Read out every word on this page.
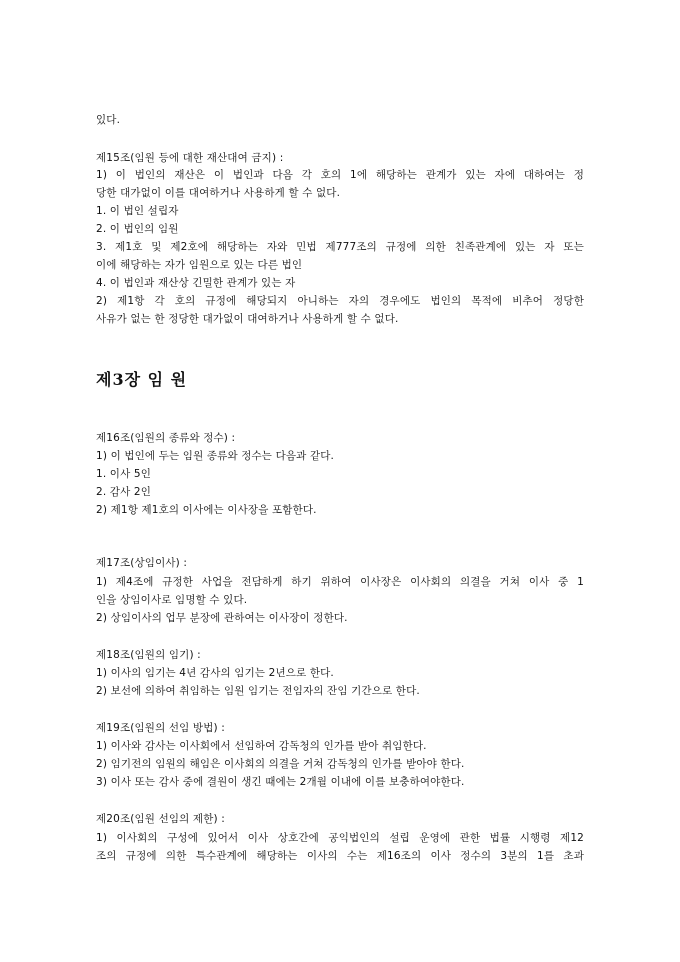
있다.
제15조(임원 등에 대한 재산대여 금지) :
1) 이 법인의 재산은 이 법인과 다음 각 호의 1에 해당하는 관계가 있는 자에 대하여는 정
당한 대가없이 이를 대여하거나 사용하게 할 수 없다.
1. 이 법인 설립자
2. 이 법인의 임원
3. 제1호 및 제2호에 해당하는 자와 민법 제777조의 규정에 의한 친족관계에 있는 자 또는
이에 해당하는 자가 임원으로 있는 다른 법인
4. 이 법인과 재산상 긴밀한 관계가 있는 자
2) 제1항 각 호의 규정에 해당되지 아니하는 자의 경우에도 법인의 목적에 비추어 정당한
사유가 없는 한 정당한 대가없이 대여하거나 사용하게 할 수 없다.
제3장 임 원
제16조(임원의 종류와 정수) :
1) 이 법인에 두는 임원 종류와 정수는 다음과 같다.
1. 이사 5인
2. 감사 2인
2) 제1항 제1호의 이사에는 이사장을 포함한다.
제17조(상임이사) :
1) 제4조에 규정한 사업을 전담하게 하기 위하여 이사장은 이사회의 의결을 거쳐 이사 중 1
인을 상임이사로 임명할 수 있다.
2) 상임이사의 업무 분장에 관하여는 이사장이 정한다.
제18조(임원의 임기) :
1) 이사의 임기는 4년 감사의 임기는 2년으로 한다.
2) 보선에 의하여 취임하는 임원 임기는 전임자의 잔임 기간으로 한다.
제19조(임원의 선임 방법) :
1) 이사와 감사는 이사회에서 선임하여 감독청의 인가를 받아 취임한다.
2) 임기전의 임원의 해임은 이사회의 의결을 거쳐 감독청의 인가를 받아야 한다.
3) 이사 또는 감사 중에 결원이 생긴 때에는 2개월 이내에 이를 보충하여야한다.
제20조(임원 선임의 제한) :
1) 이사회의 구성에 있어서 이사 상호간에 공익법인의 설립 운영에 관한 법률 시행령 제12
조의 규정에 의한 특수관계에 해당하는 이사의 수는 제16조의 이사 정수의 3분의 1를 초과
